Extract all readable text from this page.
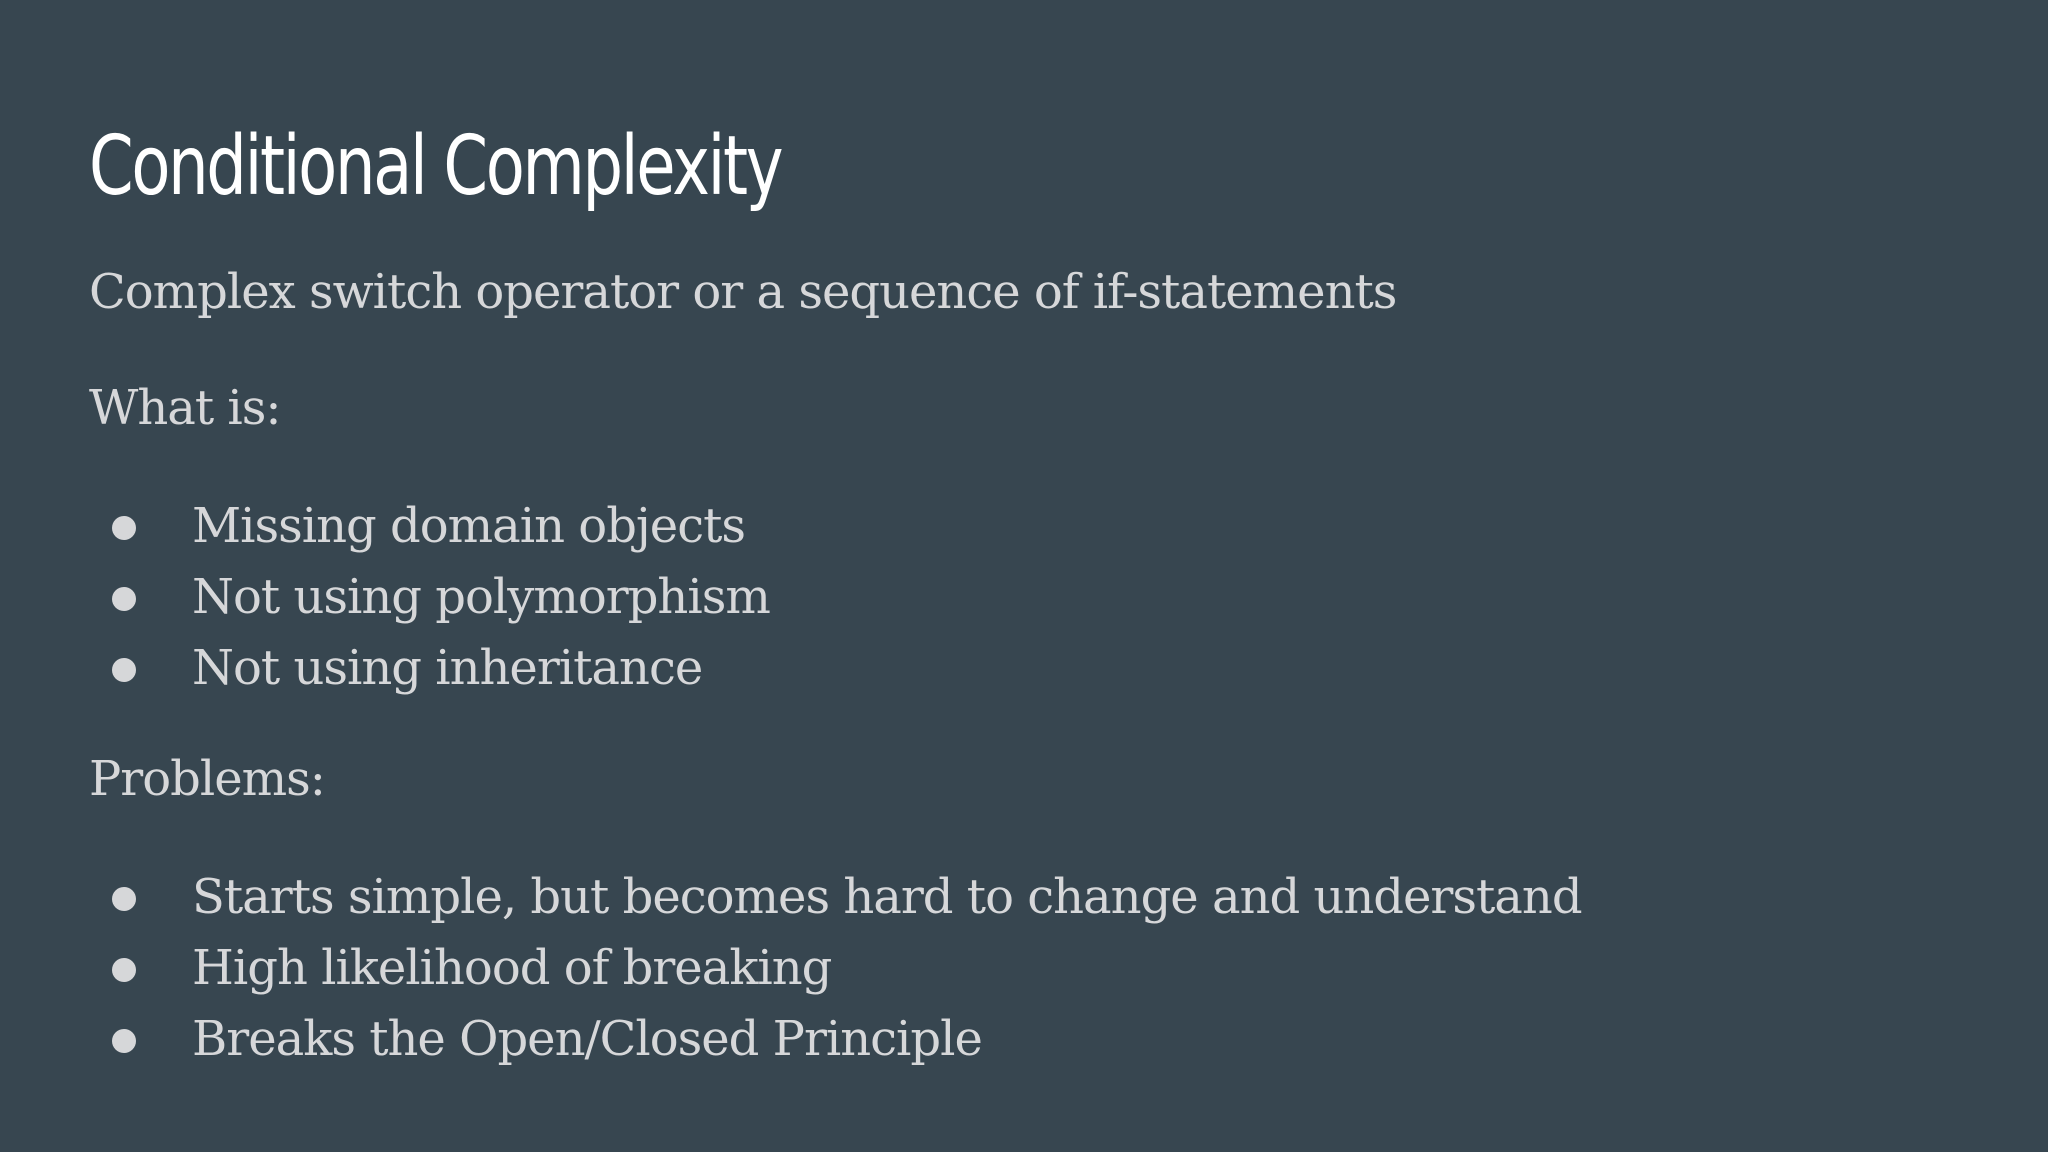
Conditional Complexity

Complex switch operator or a sequence of if-statements

What is:

Missing domain objects
Not using polymorphism
Not using inheritance

Problems:

Starts simple, but becomes hard to change and understand
High likelihood of breaking
Breaks the Open/Closed Principle
